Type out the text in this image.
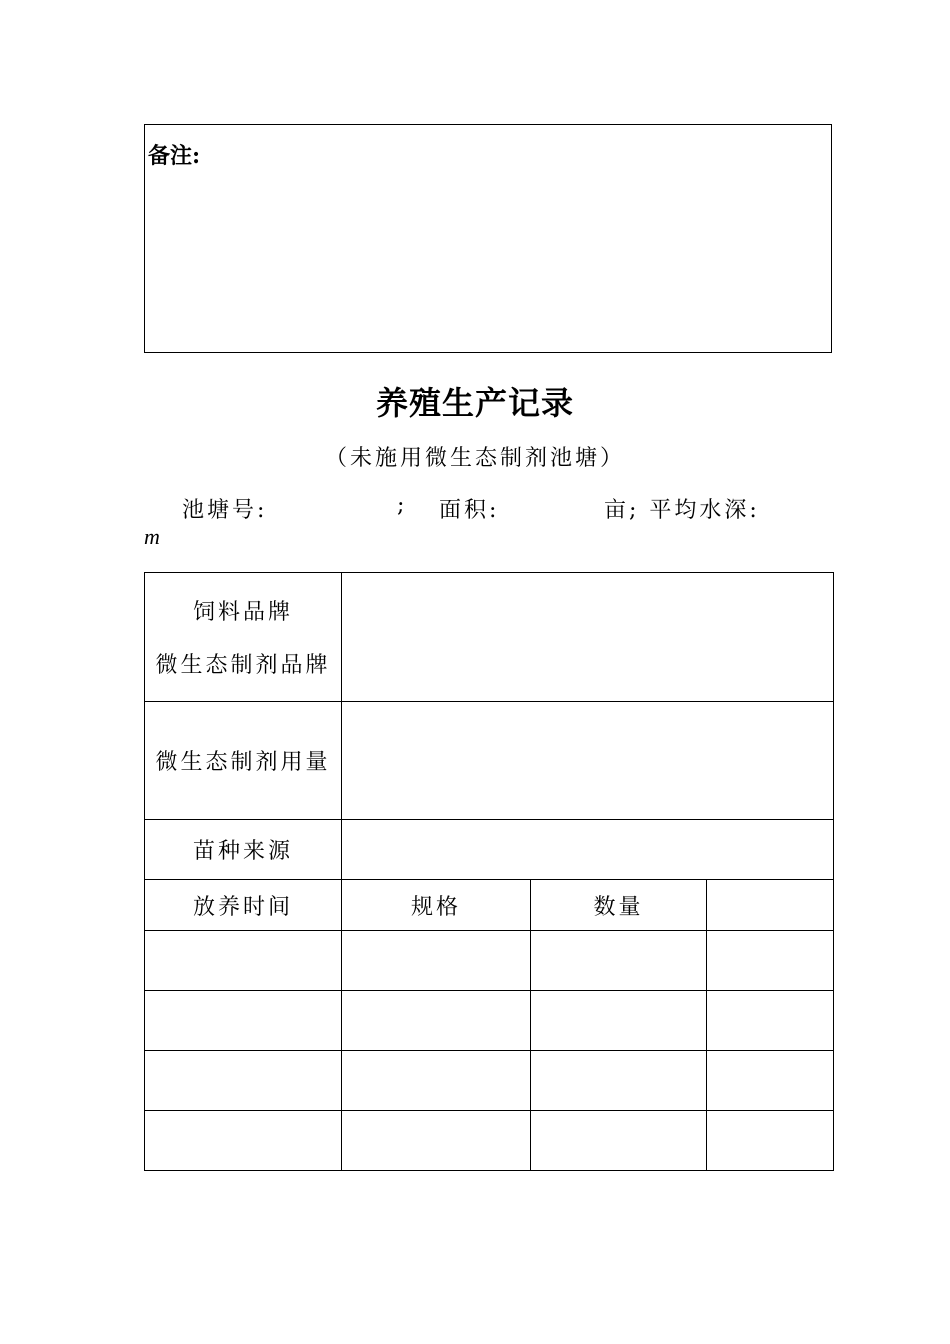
备注:
养殖生产记录
（未施用微生态制剂池塘）
池塘号:	; 面积:	亩; 平均水深:
m
饲料品牌
微生态制剂品牌			

微生态制剂用量			
苗种来源			
放养时间	规格	数量	
